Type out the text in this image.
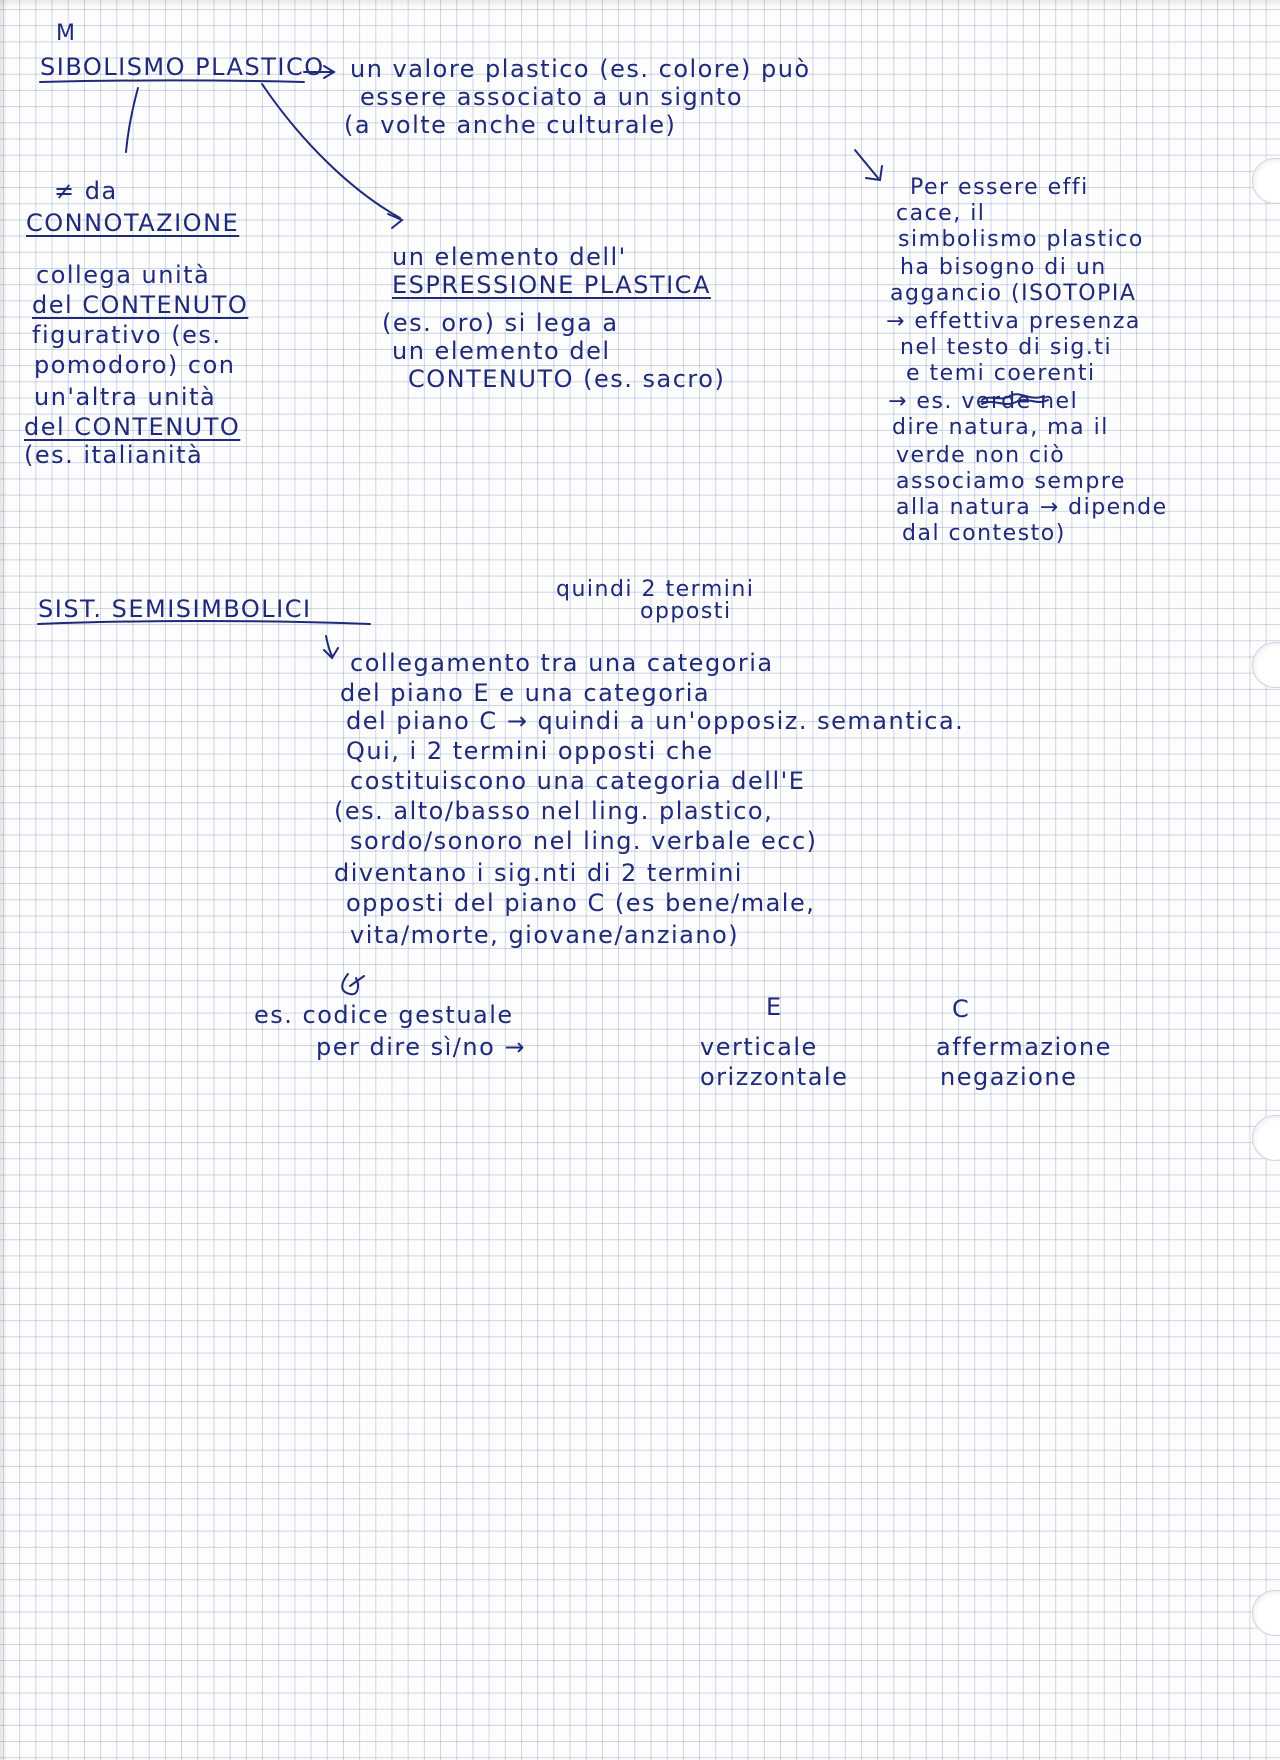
M
SIBOLISMO PLASTICO un valore plastico (es. colore) può
essere associato a un signto
(a volte anche culturale)
≠ da
CONNOTAZIONE
collega unità
del CONTENUTO
figurativo (es.
pomodoro) con
un'altra unità
del CONTENUTO
(es. italianità
un elemento dell'
ESPRESSIONE PLASTICA
(es. oro) si lega a
un elemento del
CONTENUTO (es. sacro)
Per essere effi
cace, il
simbolismo plastico
ha bisogno di un
aggancio (ISOTOPIA
→ effettiva presenza
nel testo di sig.ti
e temi coerenti
→ es. verde nel
dire natura, ma il
verde non ciò
associamo sempre
alla natura → dipende
dal contesto)
SIST. SEMISIMBOLICI
quindi 2 termini
opposti
collegamento tra una categoria
del piano E e una categoria
del piano C → quindi a un'opposiz. semantica.
Qui, i 2 termini opposti che
costituiscono una categoria dell'E
(es. alto/basso nel ling. plastico,
sordo/sonoro nel ling. verbale ecc)
diventano i sig.nti di 2 termini
opposti del piano C (es bene/male,
vita/morte, giovane/anziano)
es. codice gestuale
per dire sì/no →
E
verticale
orizzontale
C
affermazione
negazione
